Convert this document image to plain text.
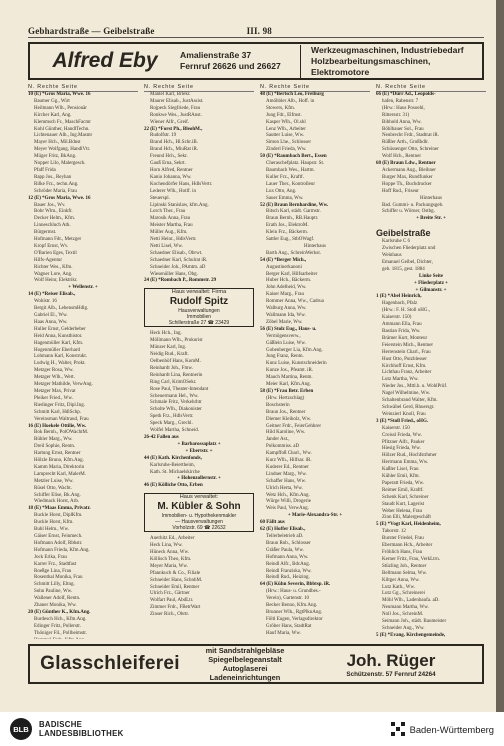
Gebhardstraße — Geibelstraße	III. 98
Alfred Eby	Amalienstraße 37
Fernruf 26626 und 26627
Werkzeugmaschinen, Industriebedarf
Holzbearbeitungsmaschinen, Elektromotore
N. Rechte Seite
10 (E) *Gros Maria, Wwe. 16
Baumer Gg., Wirt
Heilmann Wlh., Pensionär
Kircher Karl, Ang.
Klemmsch Fr., MaschFacmr
Kohl Günther, HandlTechn.
Lichtenauer Alb., Ing.Masmr
Mayer Hch., Mil.Bdnst
Meyer Wolfgang, HandlVtr.
Müger Fritz, BkAng.
Nopper Lilo, Malergesch.
Pfaff Frida
Rapp Jos., Reyhan
Rilke Frz., techn.Ang.
Schröder Maria, Frau
12 (E) *Gros Maria, Wwe. 16
Bauer Jos., Wv.
Bohr Wlm., Einkfr.
Decker Helm., Kfm.
Linneschluch Ath.
Bürgermst.
Hofmann Fdr., Metzger
Kropf Ernst, Wv.
O'Barien Eges, Textil
Hilfs-Agentur
Richter Wes., Kfm.
Wagner Lore, Ang.
Wolf Heinr, Elektrikr.
+ Wellenstr. +
14 (E) *Reiser Elisab.,
Wohlstr. 16
Bergit Alb., LebensmHdlg.
Gabriel El., Ww.
Haas Anna, Ww.
Huller Ernst, Gelderbeber
Heid Anna, Kunsthistor.
Hagenmüller Karl, Kfm.
Hogenmüller Eberhard
Lohmann Karl, Konstrukt.
Ludwig H., Walter, Prokt.
Metzger Rosa, Ww.
Metzger Wlh., Wert.
Metzger Mathilde, VerwAng.
Metzger Max, Privat
Pleiker Fried., Ww.
Riedinger Fritz, Dipl.Ing.
Schmitt Karl, HdlSchp.
Vereinsman Waltraud, Frau
16 (E) Hoekele Ottilie, Ww.
Bok Bernh., PolOWachtM.
Bühler Marg., Ww.
Dreil Sophie, Rentn.
Hartung Ernst, Rentner
Hölzle Bruno, Kfm.Ang.
Kamm Maria, Direktorin
Lamprecht Karl, MalerM.
Metzler Luise, Ww.
Rüsel Otto, Wacht.
Schiffer Elise, Bk.Ang.
Wiedmack Horst, Arb.
18 (E) *Maas Emma, Privatr.
Buckle Horst, DiplKfm.
Buckle Horst, Kfm.
Buhl Helm., Ww.
Gäiser Ernst, Feinmech.
Hofmann Adolf, Rbhstr.
Hofmann Frieda, Kfm.Ang.
Jock Erika, Frau
Karrer Frz., Stadtfast
Roeßge Lina, Frau
Rosenthal Monika, Frau
Schmitt Lilly, Eltng.
Sohn Pauline, Ww.
Wallener Adolf, Rentn.
Zhaner Monika, Ww.
20 (E) Günther K., Kfm.Ang.
Burdesch Hch., Kfm.Ang.
Edinger Fritz, Pollerstr.
Thöniger Fil., Pollheimstr.
N. Rechte Seite
Mantel Karl, Brlekr.
Maurer Elisab., JustAssist.
Rojpeck Siegfriede, Frau
Ronkwe Wes., JustRAnst.
Wiener Alfr., Greif.
22 (E) *Forst Ph., BleohM.,
Rudolfstr. 19
Brand Hch., Hl.Schr.iB.
Brand Hch., MiuRat iR.
Freund Hch., Sekr.
Gauß Erna, Sekrt.
Horn Alfred, Rentner
Kanio Johanna, Ww.
Kochendörfer Hans, HdlsVertr.
Lederer Wlh., Hotlf. in
Steuerspl.
Lipinski Stanislaw, kfm.Ang.
Lorch Ther., Frau
Marosik Anna, Frau
Meister Martha, Frau
Müller Aug., Kfm.
Netti Heinr., HdlsVertr.
Netti Lisel, Ww.
Schaedner Elisab., Obrwt.
Schaedner Karl, Schulrat iR.
Schneider Joh., PAmtm. aD
Wiesenüller Hans, Obg.
24 (E) *Rombach P., Rommstr. 29
Haus verwaltet: Firma
Rudolf Spitz
Hausverwaltungen
Immobilien
Schillerstraße 27 ☎ 23429
Heck Hch., Ing.
Möllmann Wlh., Prokurist
Münzer Karl, Ing.
Neidig Rud., Kraft.
Oelbenhöf Hans, KomM.
Reinhardt Joh., Fmw.
Reinhardt Lina, Rentnerin
Ring Carl, KrimOSekr.
Rose Paul, Theater-Intendant
Scheuermann Hel., Ww.
Schmale Fritz, Verkehrhtr
Scholte Wlh., Diakonister
Speth Frz., HdlsVertr.
Speck Marg., Grechl.
Wolfel Martha, Schneid.
26-42 Fallen aus
+ Barbarossaplatz +
+ Ebertstr. +
44 (E) Kath. Kirchenfonds,
Karlsruhe-Beiertheim,
Kath. St. Michaelskirche
+ Hohenzollernstr. +
46 (E) Kölliche Otto, Erben
Haus verwaltet:
M. Kübler & Sohn
Immobilien- u. Hypothekenmakler
— Hausverwaltungen
Vorholzstr. 69 ☎ 22632
Auerhitz Ed., Arbeiter
Heck Lina, Ww.
Hüneck Anna, Ww.
Köllisch Theo, Kfm.
Meyer Maria, Ww.
Pfannkuch & Co., Filiale
Schneider Hans, SchnhM.
Schneider Emil, Rentner
Ulrich Frz., Gärtner
Wolfart Paul, AbdLtr.
Zimmer Frdr., FBetrWart
Zinser Rich., Obrtr.
N. Rechte Seite
48 (E) *Bertsch Leo, Freiburg
Amöhbler Alb., Hoff. in
Stowers, Kfm.
Jung Fdr., Elfmst.
Kasper Wlh., Ol.shl
Lenz Wlh., Arbeiter
Sautter Luise, Ww.
Simon Lhe., Schlosser
Zinderl Frieda, Ww.
50 (E) *Raumbach Bert., Essen
Cheraschefplatz. Haupstr. St.
Baumbach Wes., Hartm.
Kuller Frz., Kraftf.
Lauer Ther., Kontrolleur
Lux Otto, Ang.
Sauer Emma, Ww.
52 (E) Braun Bernhardine, Ww.
Bitsch Karl, städt. Garmstr.
Braun Bernh., RB.Hauptr.
Erath Jos., ElektroM.
Klein Frz., Bäckerm.
Sattler Eug., StbOWagf.
Hinterhaus
Barth Aug., SchreinWerkst.
54 (E) *Berger Mich.,
Augustinerkanoni
Berger Karl, Hilfsarbeiter
Huber Hch., Bäckerm.
John Adelheid, Ww.
Kaiser Marg., Frau
Rommer Anna, Ww., Cadrua
Walburg Anna, Ww.
Wallmann Ida, Ww.
Zöbel Marie, Ww.
56 (E) Stolz Eug., Haus- u.
Vermögensverw.,
Gäßlein Luise, Ww.
Gobenberger Lia, Kfm.Ang.
Jung Franz, Rentn.
Kunz Luise, Kunstschneiderin
Kunze Jos., Pfeamt. iR.
Mauch Martina, Rentn.
Meier Karl, Kfm.Ang.
58 (E) *Frau Betr. Erben
(Hrw. Hertzschlag)
Boschsterin
Braun Jos., Rentner
Diemer Kleiholz, Ww.
Geitner Frdr., FeierGehhrer
Hild Karoline, Ww.
Jander Ast.,
Polkommiss. aD
Kampffoß Charl., Ww.
Kurz Wlh., Hilfsar. iR.
Kuderer Ed., Rentner
Lindner Marg., Ww.
Schaffer Hans, Ww.
Ulrich Herta, Ww.
Wetz Hch., Kfm.Ang.
Würge Willi, Drogerie
Weis Paul, VerwAng.
+ Marie-Alexandra-Str. +
60 Fällt aus
62 (E) Hoffer Elisab.,
Tellerbeletrieb aD.
Braun Rob., Schlosser
Gräßer Paula, Ww.
Hofmann Anna, Ww.
Reindl Alfr., BdcAng.
Reindl Franziska, Ww.
Reindl Rud., Heizing.
64 (E) Kühn Severin, Bbbtsp. iR.
(Hrw.: Haus- u. Grundbes.-
Verein), Gartenstr. 10
Becker Benno, Kfm.Ang.
Brunner Wlh., RgtPlknAng.
Föltl Eugen, Verlagsdirektor
Gröber Hans, StadtRat
Hauf Maria, Ww.
N. Rechte Seite
66 (E) *Dürr Ad., Leopolds-
hafen, Rabenstr. 7
(Hrw.: Haus Posoehl,
Rittersstr. 31)
Bibhold Anna, Ww.
Böhlbauer Sol., Frau
Neubrecht Frdr., Stadtrat iR.
Rüßler Arth., Großhdlr.
Schüssenger Otto, Schreiner
Wolf Hch., Rentner
68 (E) Braun Ldw., Rentner
Ackermann Aug., Bleihner
Burger Max, Rundfunker
Hoppe Th., Buchdrucker
Hoff Rud., Friseur
Hinterhaus
Bad. Gummi- u. Packungsgeb.
Schiffer u. Wörner, Ostbg.
+ Breite Str. +
Geibelstraße
Karlsruhe C 6
Zwischen Fliederplatz und
Weinhaus
Emanuel Geibel, Dichter,
geb. 1815, gest. 1884
Linke Seite
+ Fliederplatz +
+ Gilmanstr. +
1 (E) *Abel Heinrich,
Hagenbach, Pfalz
(Hrw.: F. H. Stoll oHG.,
Kaiserstr. 150)
Ammann Ella, Frau
Bastian Frida, Ww.
Brämer Kurt, Monteur
Feierstein Mich., Rentner
Herrenstein Charl., Frau
Hust Otto, Putzblesser
Kirchhoff Ernst, Kfm.
Lichthau Franz, Arbeiter
Lutz Martha, Ww.
Nieder Jos., Mttl.h. u. WohlPrüf.
Nagel Wilhelmine, Ww.
Schaltenbrand Walter, Kfm.
Schwäbel Gerd, Rhuersgr.
Weinzierl Knoll, Frau
3 (E) *Stoll Fried., oHG.
Kaiserstr. 150
Croissl Frieda, Ww.
Pfitzner Alfr., Pauker
Hiesig Frieda, Ww.
Hölzer Rud., Hochfstrhmer
Herrmann Emma, Ww.
Kaßler Lisel, Frau
Kühler Emil, Kfm.
Paperatt Frieda, Ww.
Reimer Emil, Kraftf.
Schenk Karl, Schreiner
Staudt Kurt, Lagerist
Weber Helena, Frau
Zinn Elli, Malergeschäft
5 (E) *Vogt Karl, Heidenheim,
Taborstr. 12
Burster Friedel, Frau
Ebermann Hch., Arbeiter
Fröhlich Hans, Frau
Kerner Fritz, Frau, VerkLtrn.
Stüzling Joh., Rentner
Bellmann Selma, Ww.
Kiltger Anna, Ww.
Lutz Kath., Ww.
Lutz Gg., Schreinerei
Möhl Wlh., Ladenbaufa. aD.
Neumann Martha, Ww.
Noll Jos., SchreinM.
Seimann Joh., städt. Baumeister
Schneider Aug., Ww.
5 (E) *Evang. Kirchengemeinde,
Glasschleiferei
mit Sandstrahlgebläse
Spiegelbelegeanstalt
Autoglaserei
Ladeneinrichtungen
Joh. Rüger
Schützenstr. 57 Fernruf 24264
BLB	BADISCHE
LANDESBIBLIOTHEK	Baden-Württemberg
